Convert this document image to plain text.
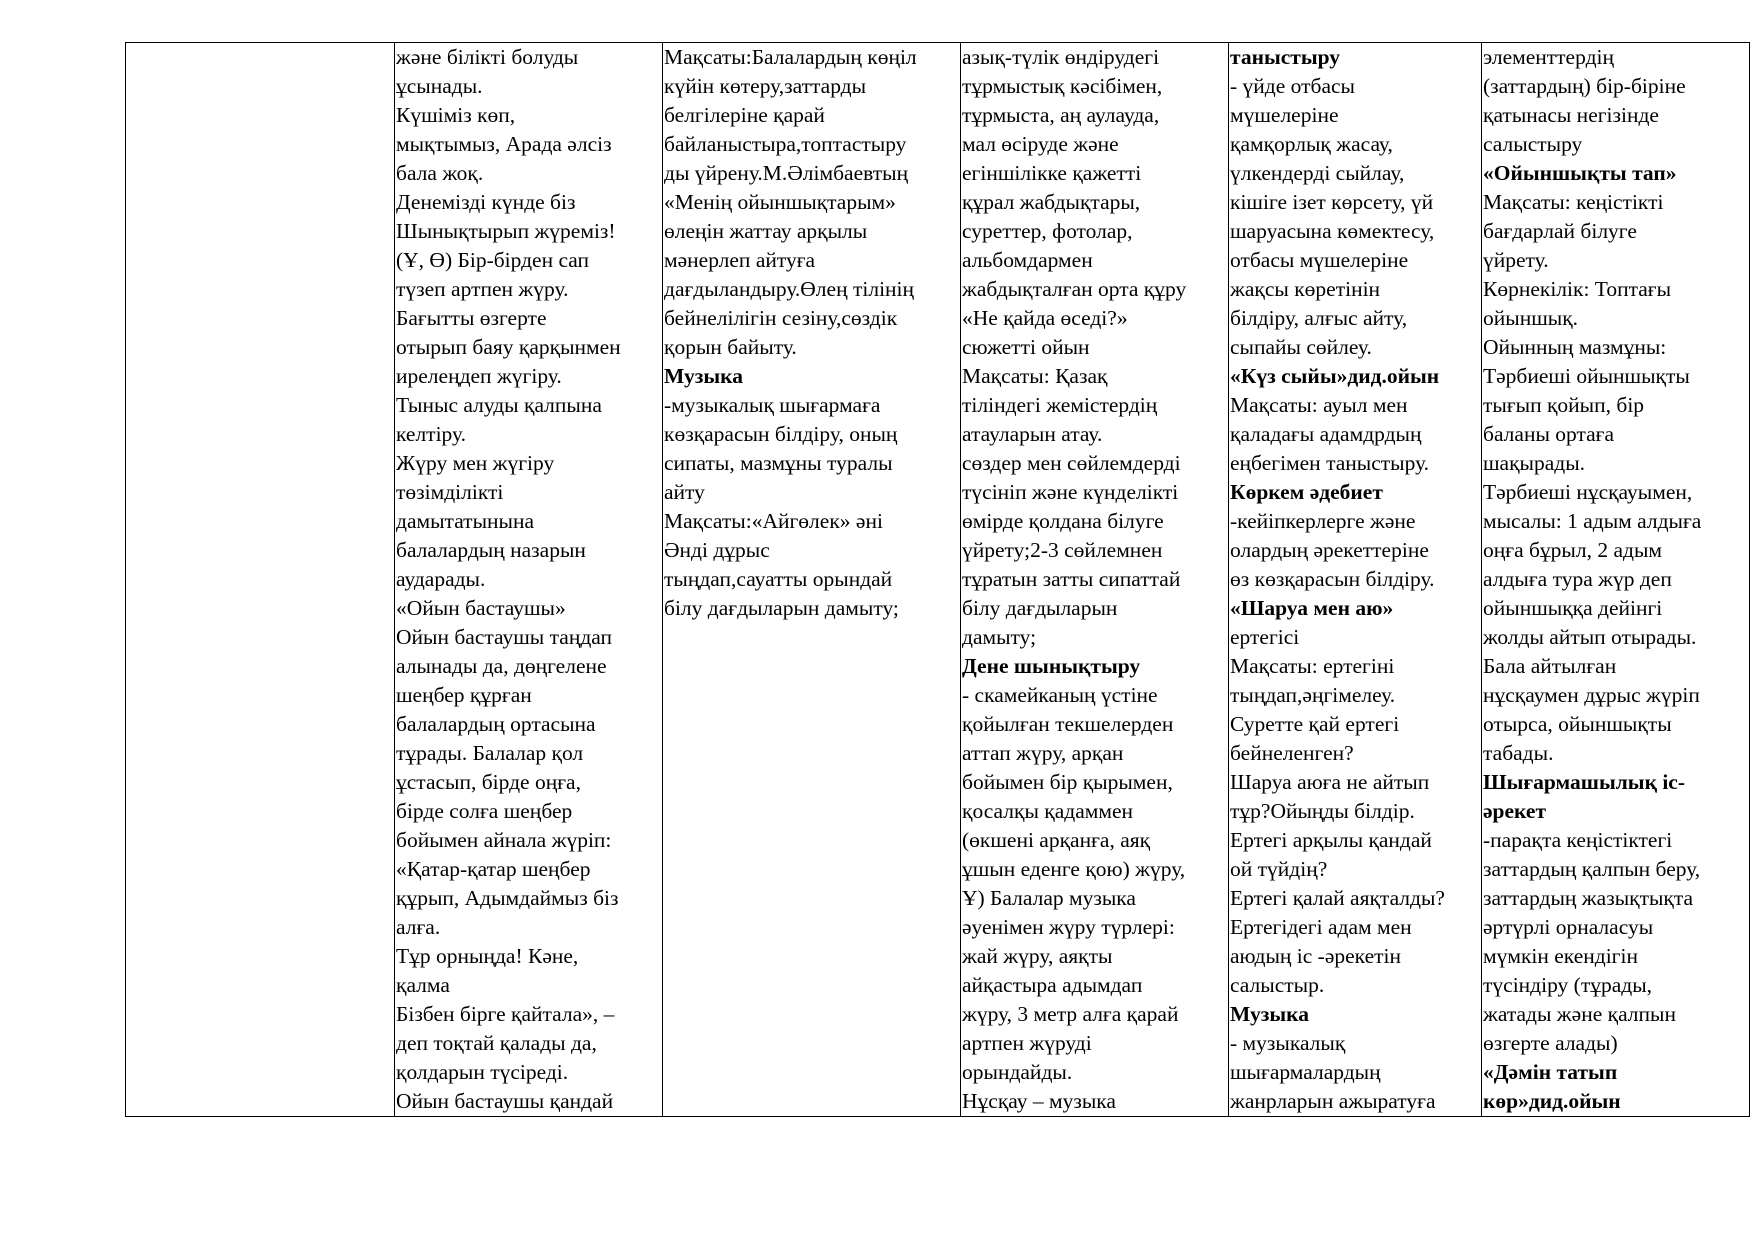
және білікті болуды
ұсынады.
Күшіміз көп,
мықтымыз, Арада әлсіз
бала жоқ.
Денемізді күнде біз
Шынықтырып жүреміз!
(Ұ, Ө) Бір-бірден сап
түзеп артпен жүру.
Бағытты өзгерте
отырып баяу қарқынмен
ирелеңдеп жүгіру.
Тыныс алуды қалпына
келтіру.
Жүру мен жүгіру
төзімділікті
дамытатынына
балалардың назарын
аударады.
«Ойын бастаушы»
Ойын бастаушы таңдап
алынады да, дөңгелене
шеңбер құрған
балалардың ортасына
тұрады. Балалар қол
ұстасып, бірде оңға,
бірде солға шеңбер
бойымен айнала жүріп:
«Қатар-қатар шеңбер
құрып, Адымдаймыз біз
алға.
Тұр орныңда! Кәне,
қалма
Бізбен бірге қайтала», –
деп тоқтай қалады да,
қолдарын түсіреді.
Ойын бастаушы қандай

Мақсаты:Балалардың көңіл
күйін көтеру,заттарды
белгілеріне қарай
байланыстыра,топтастыру
ды үйрену.М.Әлімбаевтың
«Менің ойыншықтарым»
өлеңін жаттау арқылы
мәнерлеп айтуға
дағдыландыру.Өлең тілінің
бейнелілігін сезіну,сөздік
қорын байыту.
Музыка
-музыкалық шығармаға
көзқарасын білдіру, оның
сипаты, мазмұны туралы
айту
Мақсаты:«Айгөлек» әні
Әнді дұрыс
тыңдап,сауатты орындай
білу дағдыларын дамыту;

азық-түлік өндірудегі
тұрмыстық кәсібімен,
тұрмыста, аң аулауда,
мал өсіруде және
егіншілікке қажетті
құрал жабдықтары,
суреттер, фотолар,
альбомдармен
жабдықталған орта құру
«Не қайда өседі?»
сюжетті ойын
Мақсаты: Қазақ
тіліндегі жемістердің
атауларын атау.
сөздер мен сөйлемдерді
түсініп және күнделікті
өмірде қолдана білуге
үйрету;2-3 сөйлемнен
тұратын затты сипаттай
білу дағдыларын
дамыту;
Дене шынықтыру
- скамейканың үстіне
қойылған текшелерден
аттап жүру, арқан
бойымен бір қырымен,
қосалқы қадаммен
(өкшені арқанға, аяқ
ұшын еденге қою) жүру,
Ұ) Балалар музыка
әуенімен жүру түрлері:
жай жүру, аяқты
айқастыра адымдап
жүру, 3 метр алға қарай
артпен жүруді
орындайды.
Нұсқау – музыка

таныстыру
- үйде отбасы
мүшелеріне
қамқорлық жасау,
үлкендерді сыйлау,
кішіге ізет көрсету, үй
шаруасына көмектесу,
отбасы мүшелеріне
жақсы көретінін
білдіру, алғыс айту,
сыпайы сөйлеу.
«Күз сыйы»дид.ойын
Мақсаты: ауыл мен
қаладағы адамдрдың
еңбегімен таныстыру.
Көркем әдебиет
-кейіпкерлерге және
олардың әрекеттеріне
өз көзқарасын білдіру.
«Шаруа мен аю»
ертегісі
Мақсаты: ертегіні
тыңдап,әңгімелеу.
Суретте қай ертегі
бейнеленген?
Шаруа аюға не айтып
тұр?Ойыңды білдір.
Ертегі арқылы қандай
ой түйдің?
Ертегі қалай аяқталды?
Ертегідегі адам мен
аюдың іс -әрекетін
салыстыр.
Музыка
- музыкалық
шығармалардың
жанрларын ажыратуға

элементтердің
(заттардың) бір-біріне
қатынасы негізінде
салыстыру
«Ойыншықты тап»
Мақсаты: кеңістікті
бағдарлай білуге
үйрету.
Көрнекілік: Топтағы
ойыншық.
Ойынның мазмұны:
Тәрбиеші ойыншықты
тығып қойып, бір
баланы ортаға
шақырады.
Тәрбиеші нұсқауымен,
мысалы: 1 адым алдыға
оңға бұрыл, 2 адым
алдыға тура жүр деп
ойыншыққа дейінгі
жолды айтып отырады.
Бала айтылған
нұсқаумен дұрыс жүріп
отырса, ойыншықты
табады.
Шығармашылық іс-
әрекет
-парақта кеңістіктегі
заттардың қалпын беру,
заттардың жазықтықта
әртүрлі орналасуы
мүмкін екендігін
түсіндіру (тұрады,
жатады және қалпын
өзгерте алады)
«Дәмін татып
көр»дид.ойын
